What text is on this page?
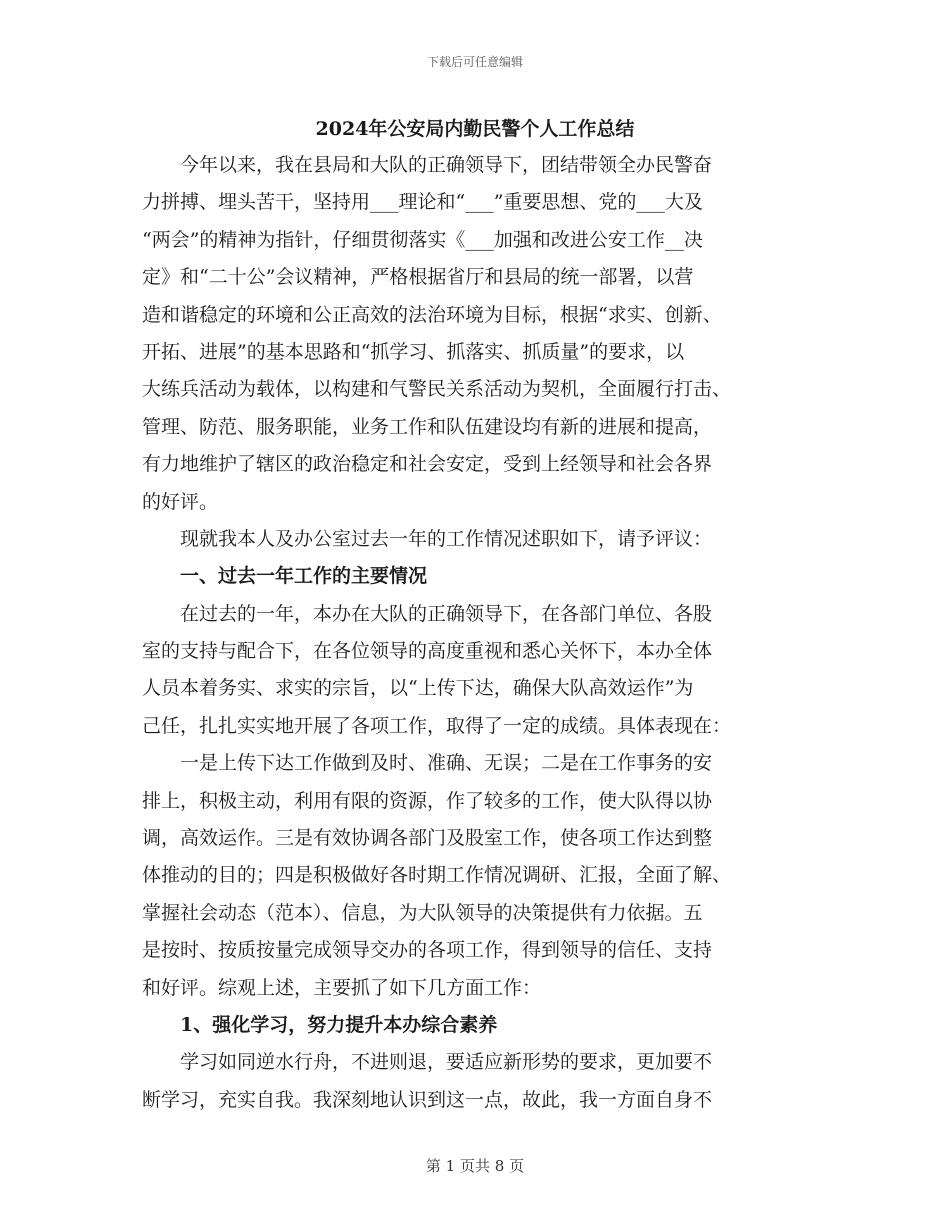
下载后可任意编辑
2024年公安局内勤民警个人工作总结

今年以来，我在县局和大队的正确领导下，团结带领全办民警奋
力拼搏、埋头苦干，坚持用___理论和“___”重要思想、党的___大及
“两会”的精神为指针，仔细贯彻落实《___加强和改进公安工作__决
定》和“二十公”会议精神，严格根据省厅和县局的统一部署，以营
造和谐稳定的环境和公正高效的法治环境为目标，根据“求实、创新、
开拓、进展”的基本思路和“抓学习、抓落实、抓质量”的要求，以
大练兵活动为载体，以构建和气警民关系活动为契机，全面履行打击、
管理、防范、服务职能，业务工作和队伍建设均有新的进展和提高，
有力地维护了辖区的政治稳定和社会安定，受到上经领导和社会各界
的好评。

现就我本人及办公室过去一年的工作情况述职如下，请予评议：

一、过去一年工作的主要情况

在过去的一年，本办在大队的正确领导下，在各部门单位、各股
室的支持与配合下，在各位领导的高度重视和悉心关怀下，本办全体
人员本着务实、求实的宗旨，以“上传下达，确保大队高效运作”为
己任，扎扎实实地开展了各项工作，取得了一定的成绩。具体表现在：

一是上传下达工作做到及时、准确、无误；二是在工作事务的安
排上，积极主动，利用有限的资源，作了较多的工作，使大队得以协
调，高效运作。三是有效协调各部门及股室工作，使各项工作达到整
体推动的目的；四是积极做好各时期工作情况调研、汇报，全面了解、
掌握社会动态（范本）、信息，为大队领导的决策提供有力依据。五
是按时、按质按量完成领导交办的各项工作，得到领导的信任、支持
和好评。综观上述，主要抓了如下几方面工作：

1、强化学习，努力提升本办综合素养

学习如同逆水行舟，不进则退，要适应新形势的要求，更加要不
断学习，充实自我。我深刻地认识到这一点，故此，我一方面自身不

第 1 页共 8 页
